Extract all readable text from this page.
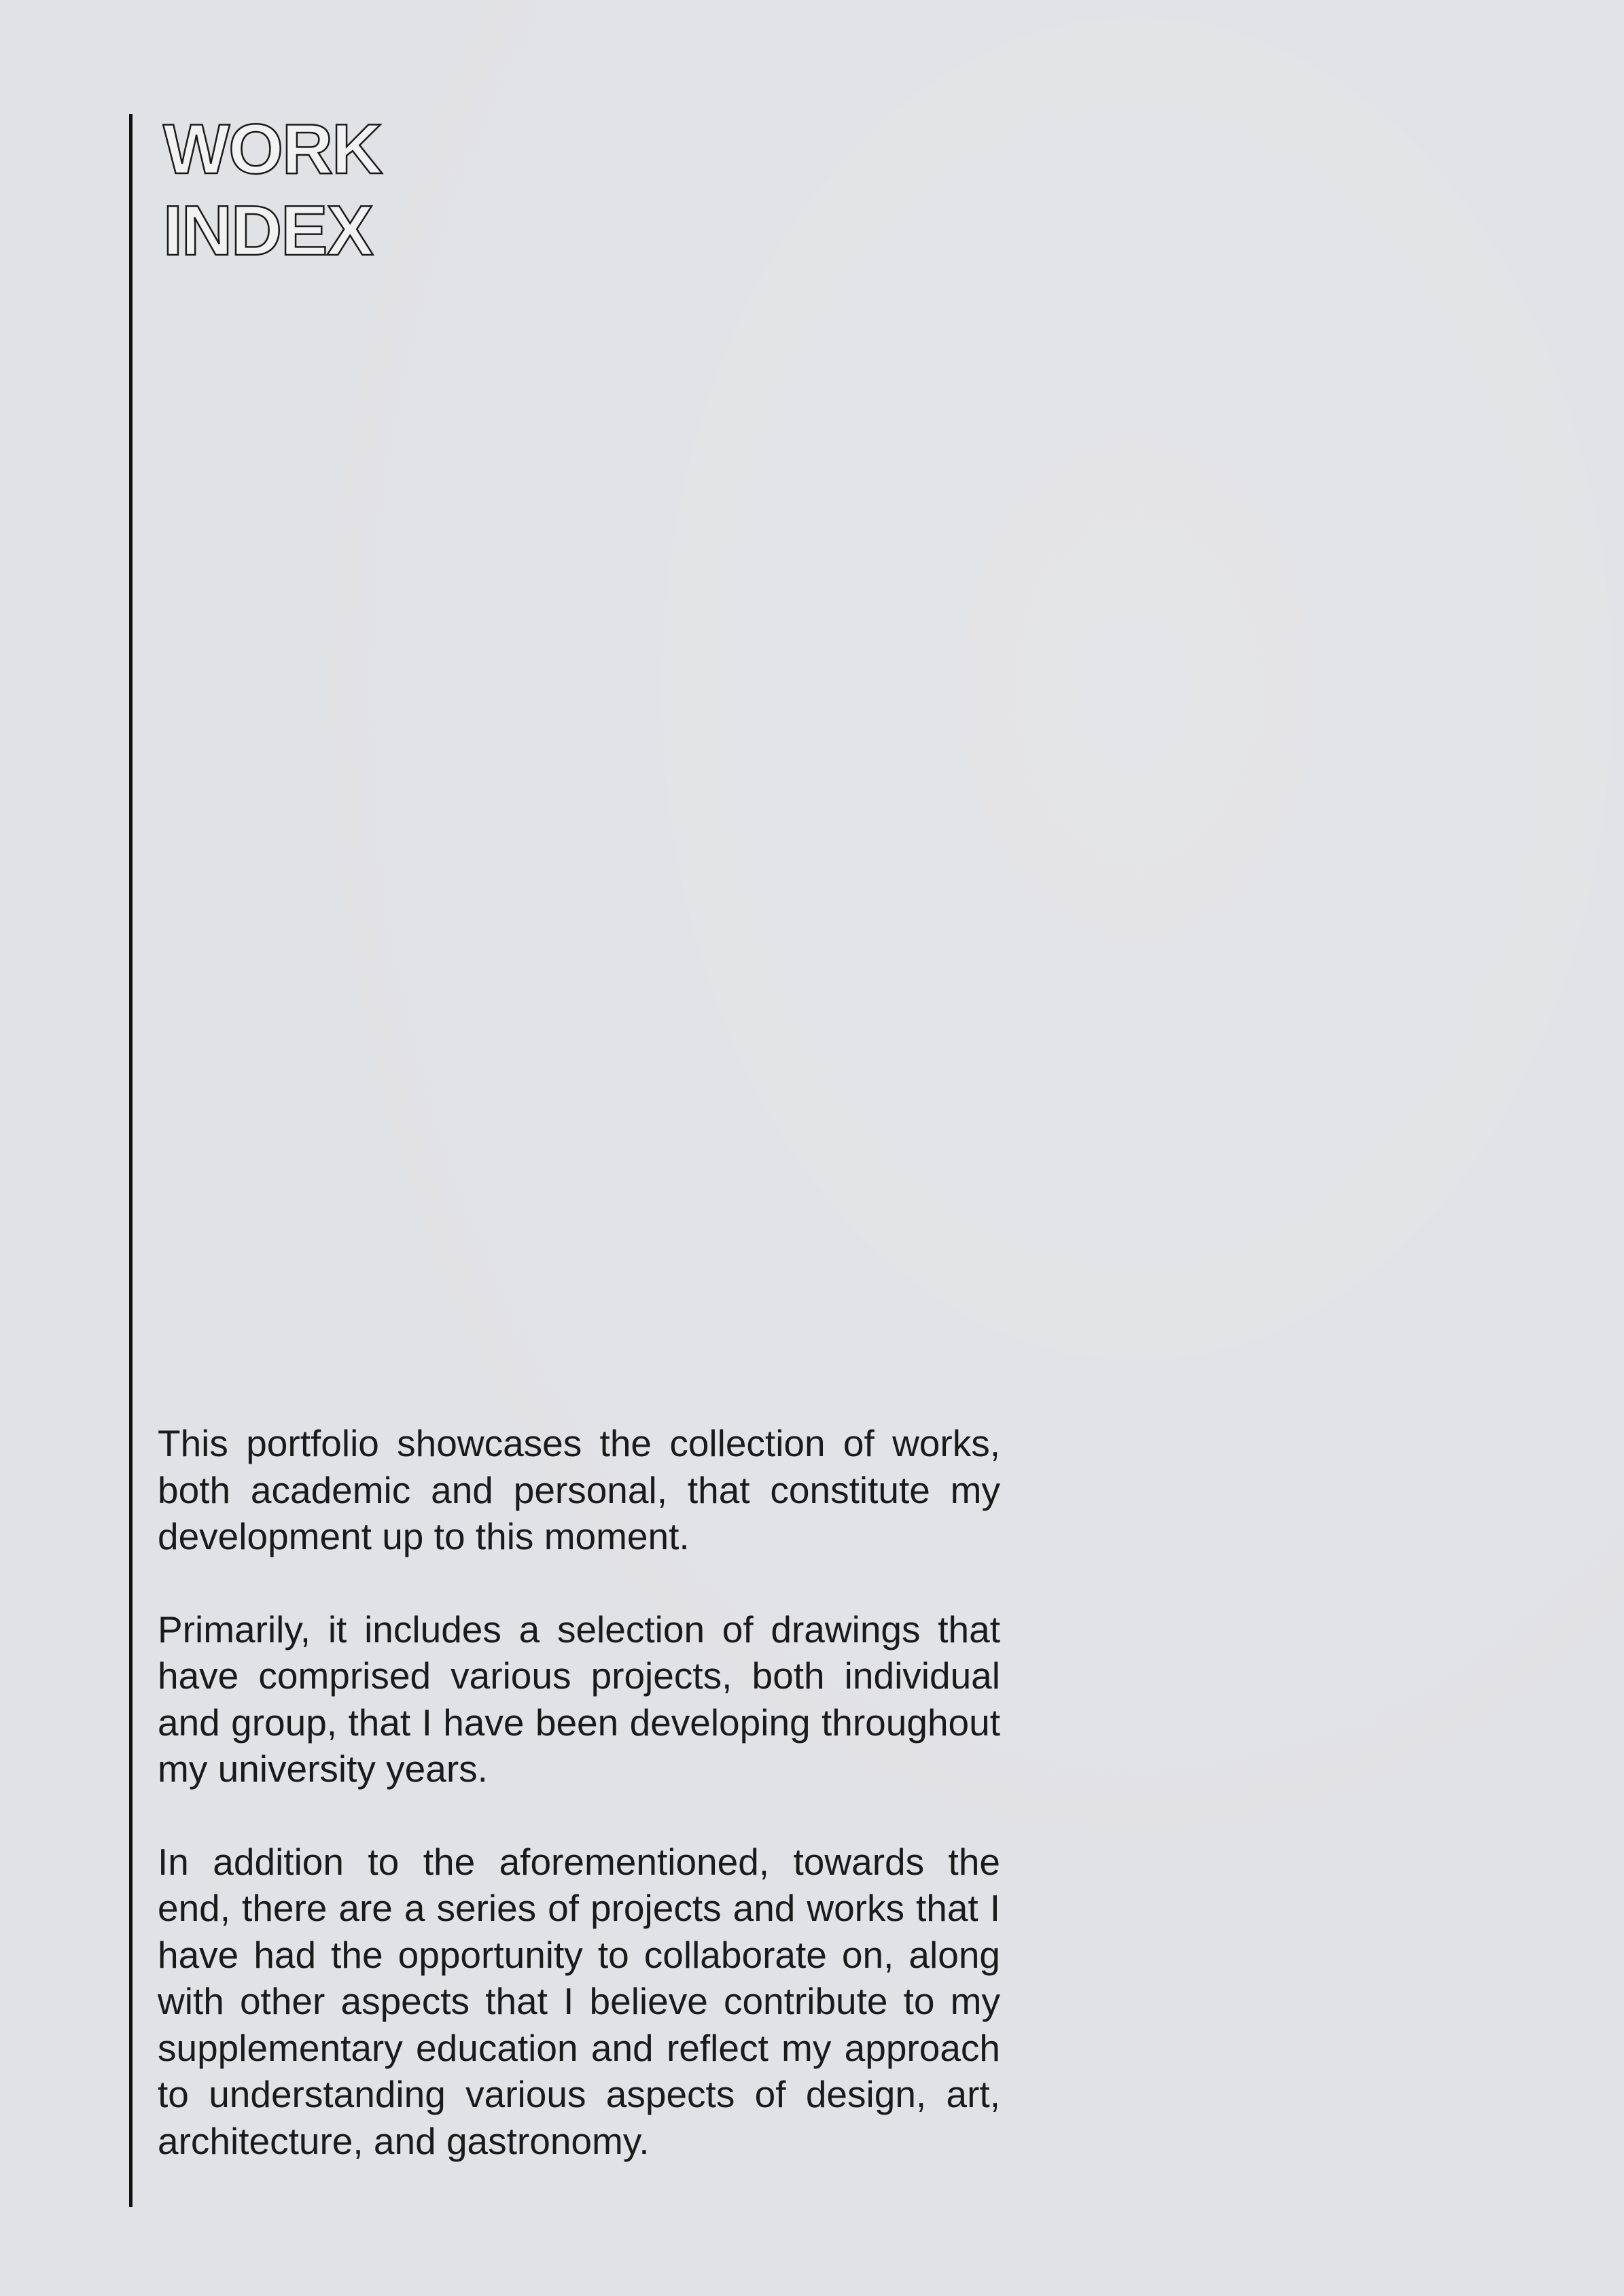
WORK
INDEX

This portfolio showcases the collection of works, both academic and personal, that constitute my development up to this moment.

Primarily, it includes a selection of drawings that have comprised various projects, both individual and group, that I have been developing throughout my university years.

In addition to the aforementioned, towards the end, there are a series of projects and works that I have had the opportunity to collaborate on, along with other aspects that I believe contribute to my supplementary education and reflect my approach to understanding various aspects of design, art, architecture, and gastronomy.
